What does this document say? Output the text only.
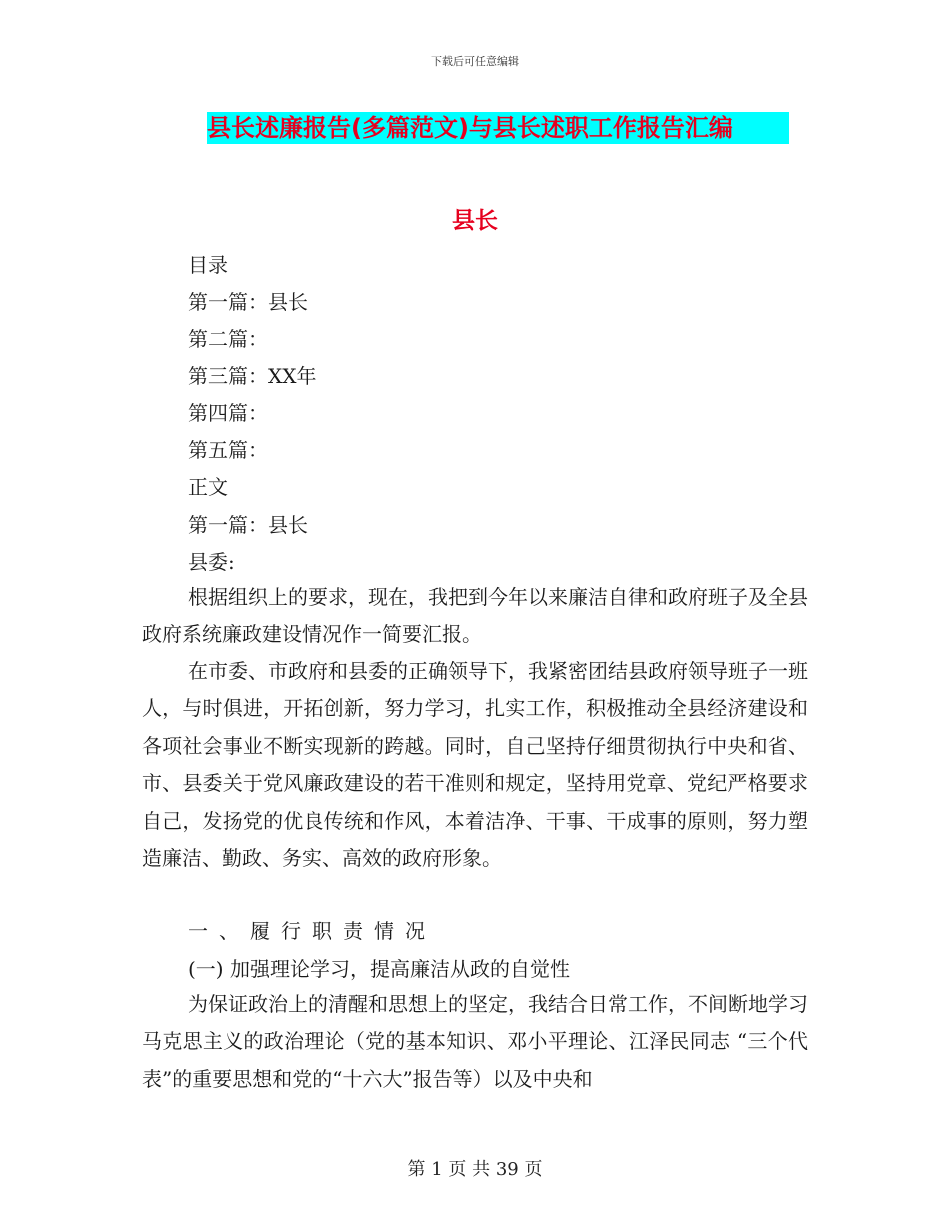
下载后可任意编辑
县长述廉报告(多篇范文)与县长述职工作报告汇编
县长
目录
第一篇：县长
第二篇：
第三篇：XX年
第四篇：
第五篇：
正文
第一篇：县长
县委:
根据组织上的要求，现在，我把到今年以来廉洁自律和政府班子及全县政府系统廉政建设情况作一简要汇报。
在市委、市政府和县委的正确领导下，我紧密团结县政府领导班子一班人，与时俱进，开拓创新，努力学习，扎实工作，积极推动全县经济建设和各项社会事业不断实现新的跨越。同时，自己坚持仔细贯彻执行中央和省、市、县委关于党风廉政建设的若干准则和规定，坚持用党章、党纪严格要求自己，发扬党的优良传统和作风，本着洁净、干事、干成事的原则，努力塑造廉洁、勤政、务实、高效的政府形象。
一、履行职责情况
(一) 加强理论学习，提高廉洁从政的自觉性
为保证政治上的清醒和思想上的坚定，我结合日常工作，不间断地学习马克思主义的政治理论（党的基本知识、邓小平理论、江泽民同志 “三个代表”的重要思想和党的“十六大”报告等）以及中央和
第 1 页 共 39 页
